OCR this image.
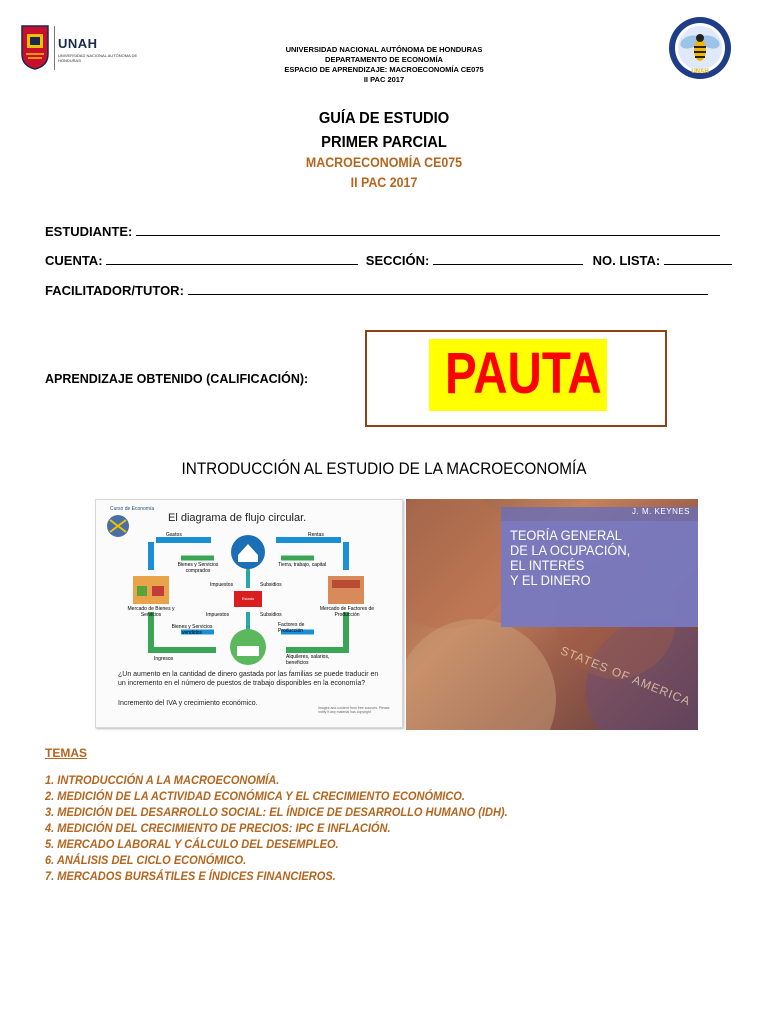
UNAH
UNIVERSIDAD NACIONAL AUTÓNOMA DE HONDURAS
UNIVERSIDAD NACIONAL AUTÓNOMA DE HONDURAS
DEPARTAMENTO DE ECONOMÍA
ESPACIO DE APRENDIZAJE: MACROECONOMÍA CE075
II PAC 2017
UNAH
GUÍA DE ESTUDIO
PRIMER PARCIAL
MACROECONOMÍA CE075
II PAC 2017
ESTUDIANTE:
CUENTA:	SECCIÓN:	NO. LISTA:
FACILITADOR/TUTOR:
APRENDIZAJE OBTENIDO (CALIFICACIÓN): PAUTA
INTRODUCCIÓN AL ESTUDIO DE LA MACROECONOMÍA
Curso de Economía
El diagrama de flujo circular.
Gastos	Rentas
Bienes y Servicios comprados
Tierra, trabajo, capital
Impuestos	Subsidios
Estado
Mercado de Bienes y Servicios
Mercado de Factores de Producción
Impuestos	Subsidios
Bienes y Servicios vendidos
Factores de Producción
Ingresos	Alquileres, salarios, beneficios
¿Un aumento en la cantidad de dinero gastada por las familias se puede traducir en un incremento en el número de puestos de trabajo disponibles en la economía?
Incremento del IVA y crecimiento económico.
Images and content from free sources. Please notify if any material has copyright
J. M. KEYNES
TEORÍA GENERAL
DE LA OCUPACIÓN,
EL INTERÉS
Y EL DINERO
STATES OF AMERICA
TEMAS
1. INTRODUCCIÓN A LA MACROECONOMÍA.
2. MEDICIÓN DE LA ACTIVIDAD ECONÓMICA Y EL CRECIMIENTO ECONÓMICO.
3. MEDICIÓN DEL DESARROLLO SOCIAL: EL ÍNDICE DE DESARROLLO HUMANO (IDH).
4. MEDICIÓN DEL CRECIMIENTO DE PRECIOS: IPC E INFLACIÓN.
5. MERCADO LABORAL Y CÁLCULO DEL DESEMPLEO.
6. ANÁLISIS DEL CICLO ECONÓMICO.
7. MERCADOS BURSÁTILES E ÍNDICES FINANCIEROS.
